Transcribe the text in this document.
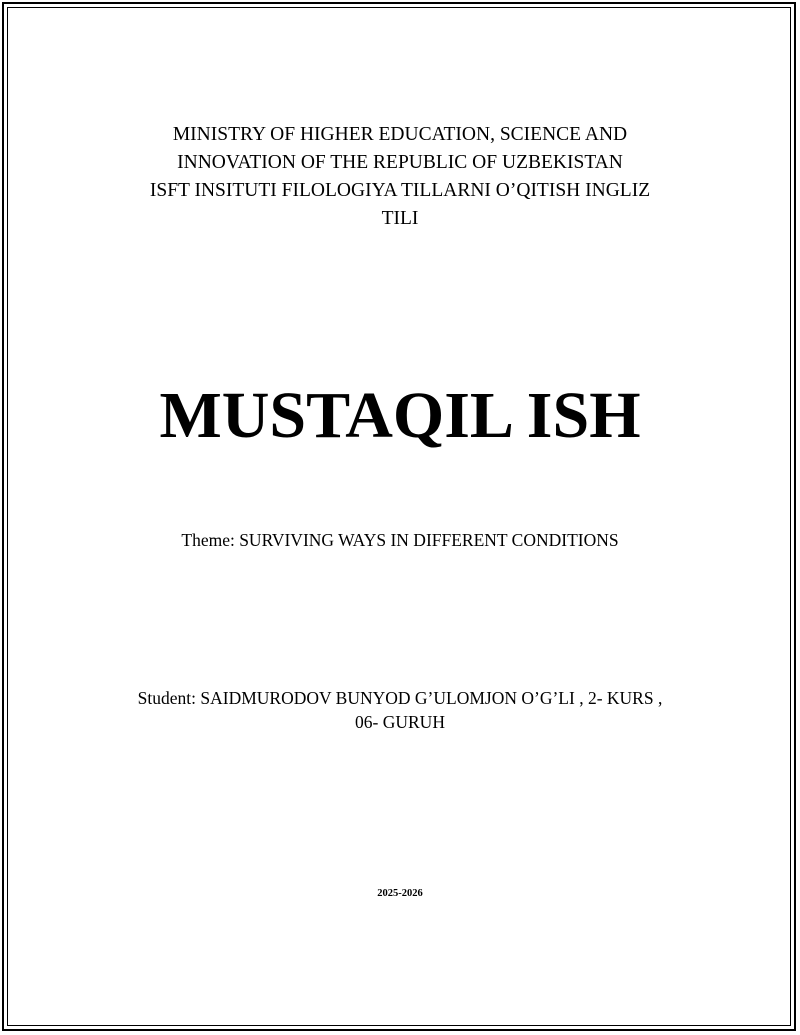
MINISTRY OF HIGHER EDUCATION, SCIENCE AND
INNOVATION OF THE REPUBLIC OF UZBEKISTAN
ISFT INSITUTI FILOLOGIYA TILLARNI O’QITISH INGLIZ
TILI
MUSTAQIL ISH
Theme: SURVIVING WAYS IN DIFFERENT CONDITIONS
Student: SAIDMURODOV BUNYOD G’ULOMJON O’G’LI , 2- KURS ,
06- GURUH
2025-2026
